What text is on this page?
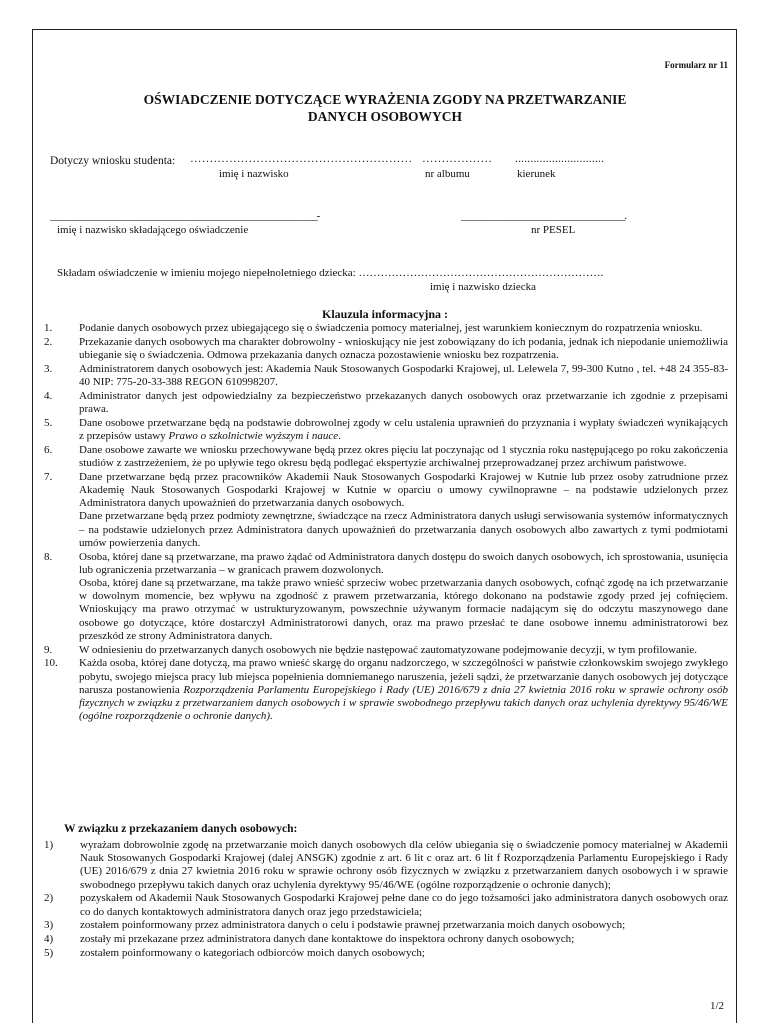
Formularz nr 11
OŚWIADCZENIE DOTYCZĄCE WYRAŻENIA ZGODY NA PRZETWARZANIE
DANYCH OSOBOWYCH
Dotyczy wniosku studenta: ………………………………………………… ……………… .............................
imię i nazwisko	nr albumu	kierunek
______________________________________________________________-	______________________________________.
imię i nazwisko składającego oświadczenie	nr PESEL
Składam oświadczenie w imieniu mojego niepełnoletniego dziecka: ………………………………………………………….
imię i nazwisko dziecka
Klauzula informacyjna :
1. Podanie danych osobowych przez ubiegającego się o świadczenia pomocy materialnej, jest warunkiem koniecznym do rozpatrzenia wniosku.
2. Przekazanie danych osobowych ma charakter dobrowolny - wnioskujący nie jest zobowiązany do ich podania, jednak ich niepodanie uniemożliwia ubieganie się o świadczenia. Odmowa przekazania danych oznacza pozostawienie wniosku bez rozpatrzenia.
3. Administratorem danych osobowych jest: Akademia Nauk Stosowanych Gospodarki Krajowej, ul. Lelewela 7, 99-300 Kutno , tel. +48 24 355-83-40 NIP: 775-20-33-388 REGON 610998207.
4. Administrator danych jest odpowiedzialny za bezpieczeństwo przekazanych danych osobowych oraz przetwarzanie ich zgodnie z przepisami prawa.
5. Dane osobowe przetwarzane będą na podstawie dobrowolnej zgody w celu ustalenia uprawnień do przyznania i wypłaty świadczeń wynikających z przepisów ustawy Prawo o szkolnictwie wyższym i nauce.
6. Dane osobowe zawarte we wniosku przechowywane będą przez okres pięciu lat poczynając od 1 stycznia roku następującego po roku zakończenia studiów z zastrzeżeniem, że po upływie tego okresu będą podlegać ekspertyzie archiwalnej przeprowadzanej przez archiwum państwowe.
7. Dane przetwarzane będą przez pracowników Akademii Nauk Stosowanych Gospodarki Krajowej w Kutnie lub przez osoby zatrudnione przez Akademię Nauk Stosowanych Gospodarki Krajowej w Kutnie w oparciu o umowy cywilnoprawne – na podstawie udzielonych przez Administratora danych upoważnień do przetwarzania danych osobowych.

Dane przetwarzane będą przez podmioty zewnętrzne, świadczące na rzecz Administratora danych usługi serwisowania systemów informatycznych – na podstawie udzielonych przez Administratora danych upoważnień do przetwarzania danych osobowych albo zawartych z tymi podmiotami umów powierzenia danych.

8. Osoba, której dane są przetwarzane, ma prawo żądać od Administratora danych dostępu do swoich danych osobowych, ich sprostowania, usunięcia lub ograniczenia przetwarzania – w granicach prawem dozwolonych.

Osoba, której dane są przetwarzane, ma także prawo wnieść sprzeciw wobec przetwarzania danych osobowych, cofnąć zgodę na ich przetwarzanie w dowolnym momencie, bez wpływu na zgodność z prawem przetwarzania, którego dokonano na podstawie zgody przed jej cofnięciem. Wnioskujący ma prawo otrzymać w ustrukturyzowanym, powszechnie używanym formacie nadającym się do odczytu maszynowego dane osobowe go dotyczące, które dostarczył Administratorowi danych, oraz ma prawo przesłać te dane osobowe innemu administratorowi bez przeszkód ze strony Administratora danych.

9. W odniesieniu do przetwarzanych danych osobowych nie będzie następować zautomatyzowane podejmowanie decyzji, w tym profilowanie.
10. Każda osoba, której dane dotyczą, ma prawo wnieść skargę do organu nadzorczego, w szczególności w państwie członkowskim swojego zwykłego pobytu, swojego miejsca pracy lub miejsca popełnienia domniemanego naruszenia, jeżeli sądzi, że przetwarzanie danych osobowych jej dotyczące narusza postanowienia Rozporządzenia Parlamentu Europejskiego i Rady (UE) 2016/679 z dnia 27 kwietnia 2016 roku w sprawie ochrony osób fizycznych w związku z przetwarzaniem danych osobowych i w sprawie swobodnego przepływu takich danych oraz uchylenia dyrektywy 95/46/WE (ogólne rozporządzenie o ochronie danych).
W związku z przekazaniem danych osobowych:
1) wyrażam dobrowolnie zgodę na przetwarzanie moich danych osobowych dla celów ubiegania się o świadczenie pomocy materialnej w Akademii Nauk Stosowanych Gospodarki Krajowej (dalej ANSGK) zgodnie z art. 6 lit c oraz art. 6 lit f Rozporządzenia Parlamentu Europejskiego i Rady (UE) 2016/679 z dnia 27 kwietnia 2016 roku w sprawie ochrony osób fizycznych w związku z przetwarzaniem danych osobowych i w sprawie swobodnego przepływu takich danych oraz uchylenia dyrektywy 95/46/WE (ogólne rozporządzenie o ochronie danych);
2) pozyskałem od Akademii Nauk Stosowanych Gospodarki Krajowej pełne dane co do jego tożsamości jako administratora danych osobowych oraz co do danych kontaktowych administratora danych oraz jego przedstawiciela;
3) zostałem poinformowany przez administratora danych o celu i podstawie prawnej przetwarzania moich danych osobowych;
4) zostały mi przekazane przez administratora danych dane kontaktowe do inspektora ochrony danych osobowych;
5) zostałem poinformowany o kategoriach odbiorców moich danych osobowych;
1/2
